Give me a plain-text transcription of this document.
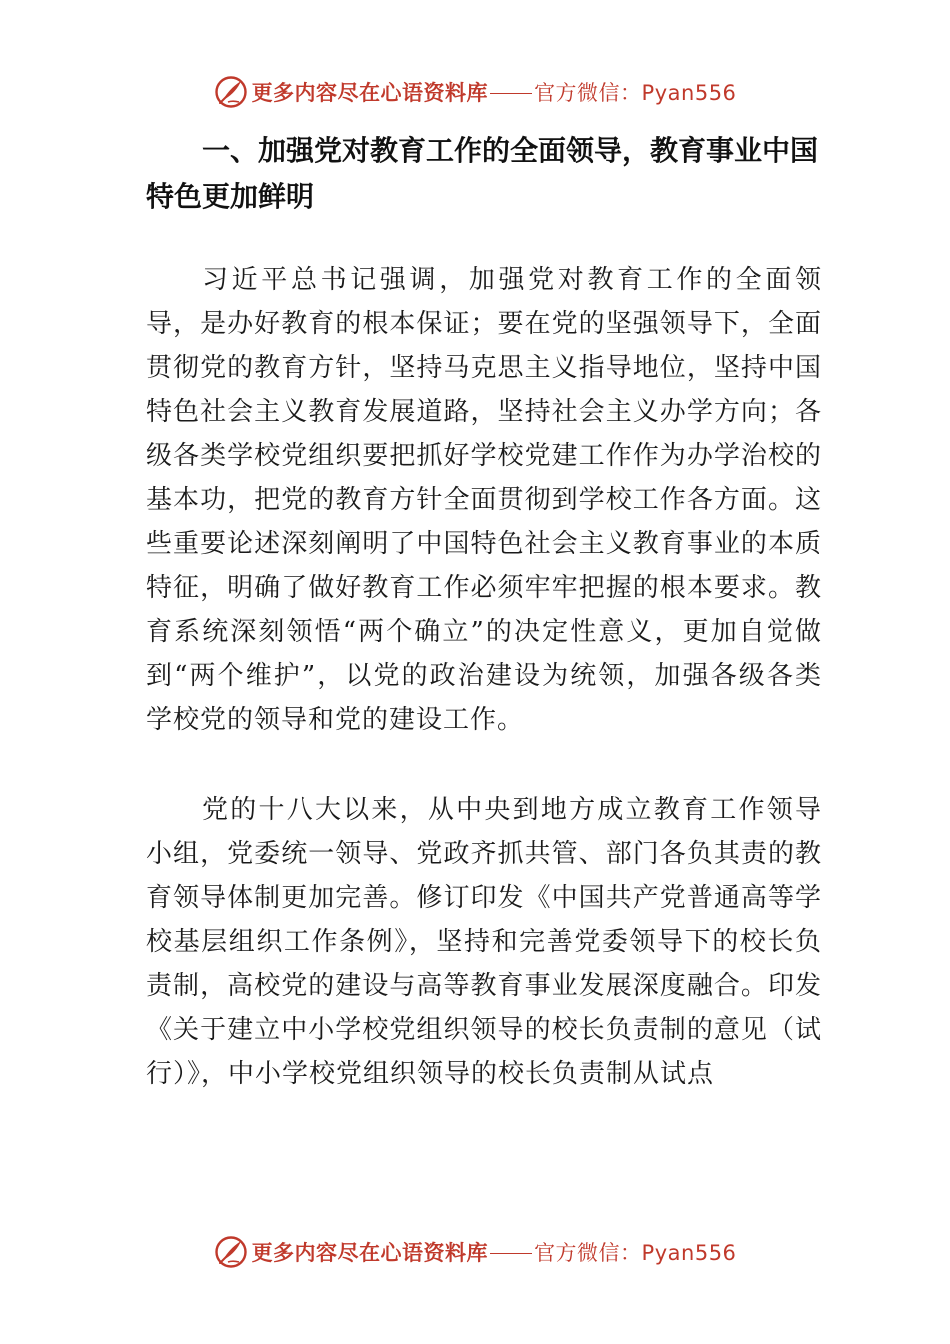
更多内容尽在心语资料库 官方微信：Pyan556
一、加强党对教育工作的全面领导，教育事业中国特色更加鲜明

习近平总书记强调，加强党对教育工作的全面领导，是办好教育的根本保证；要在党的坚强领导下，全面贯彻党的教育方针，坚持马克思主义指导地位，坚持中国特色社会主义教育发展道路，坚持社会主义办学方向；各级各类学校党组织要把抓好学校党建工作作为办学治校的基本功，把党的教育方针全面贯彻到学校工作各方面。这些重要论述深刻阐明了中国特色社会主义教育事业的本质特征，明确了做好教育工作必须牢牢把握的根本要求。教育系统深刻领悟“两个确立”的决定性意义，更加自觉做到“两个维护”，以党的政治建设为统领，加强各级各类学校党的领导和党的建设工作。

党的十八大以来，从中央到地方成立教育工作领导小组，党委统一领导、党政齐抓共管、部门各负其责的教育领导体制更加完善。修订印发《中国共产党普通高等学校基层组织工作条例》，坚持和完善党委领导下的校长负责制，高校党的建设与高等教育事业发展深度融合。印发《关于建立中小学校党组织领导的校长负责制的意见（试行）》，中小学校党组织领导的校长负责制从试点

更多内容尽在心语资料库 官方微信：Pyan556
